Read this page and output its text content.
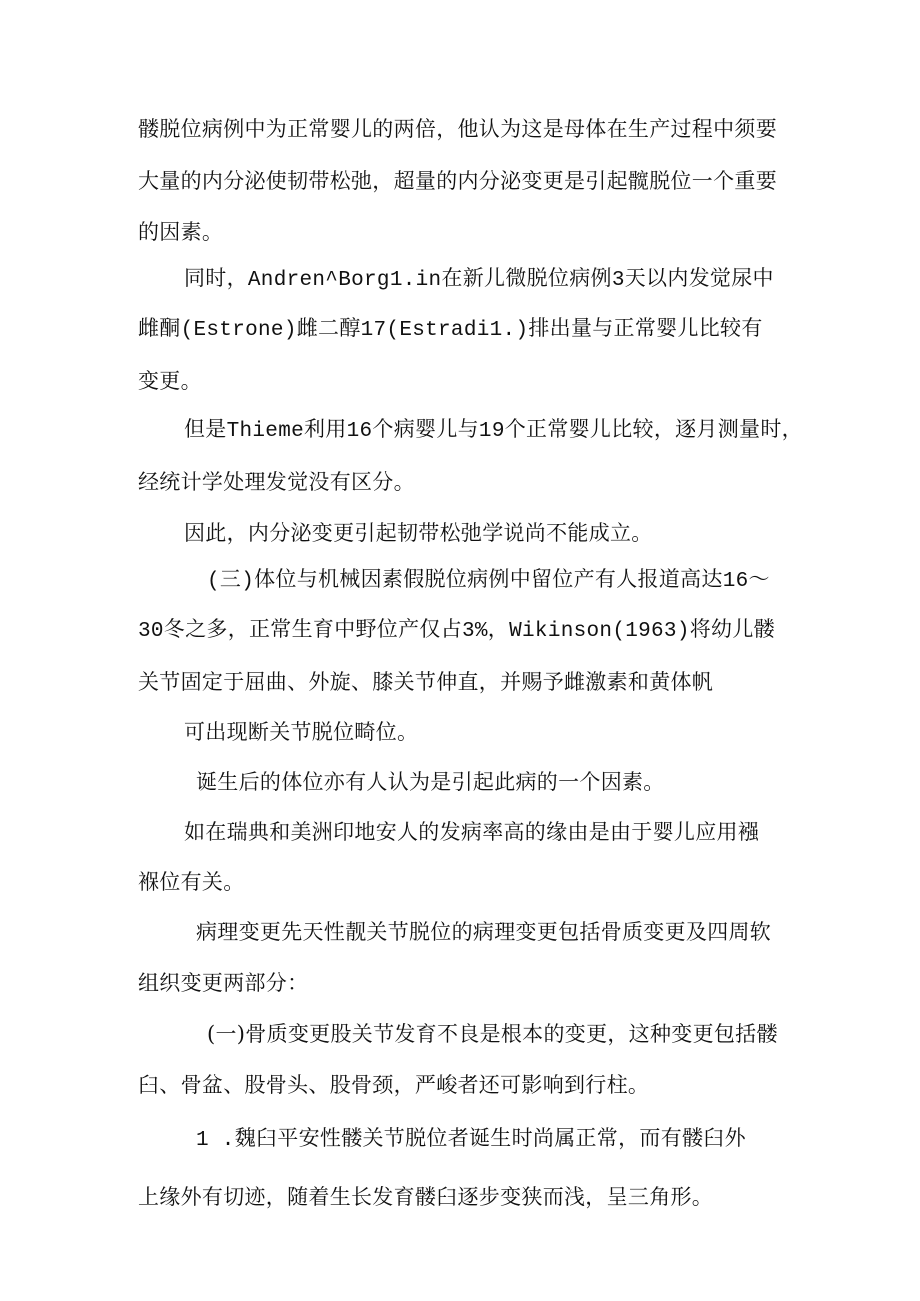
髅脱位病例中为正常婴儿的两倍，他认为这是母体在生产过程中须要
大量的内分泌使韧带松弛，超量的内分泌变更是引起髋脱位一个重要
的因素。
同时，Andren^Borg1.in在新儿微脱位病例3天以内发觉尿中
雌酮(Estrone)雌二醇17(Estradi1.)排出量与正常婴儿比较有
变更。
但是Thieme利用16个病婴儿与19个正常婴儿比较，逐月测量时，
经统计学处理发觉没有区分。
因此，内分泌变更引起韧带松弛学说尚不能成立。
(三)体位与机械因素假脱位病例中留位产有人报道高达16～
30冬之多，正常生育中野位产仅占3%，Wikinson(1963)将幼儿髅
关节固定于屈曲、外旋、膝关节伸直，并赐予雌激素和黄体帆
可出现断关节脱位畸位。
诞生后的体位亦有人认为是引起此病的一个因素。
如在瑞典和美洲印地安人的发病率高的缘由是由于婴儿应用襁
褓位有关。
病理变更先天性靓关节脱位的病理变更包括骨质变更及四周软
组织变更两部分：
(一)骨质变更股关节发育不良是根本的变更，这种变更包括髅
臼、骨盆、股骨头、股骨颈，严峻者还可影响到行柱。
1 .魏臼平安性髅关节脱位者诞生时尚属正常，而有髅臼外
上缘外有切迹，随着生长发育髅臼逐步变狭而浅，呈三角形。
